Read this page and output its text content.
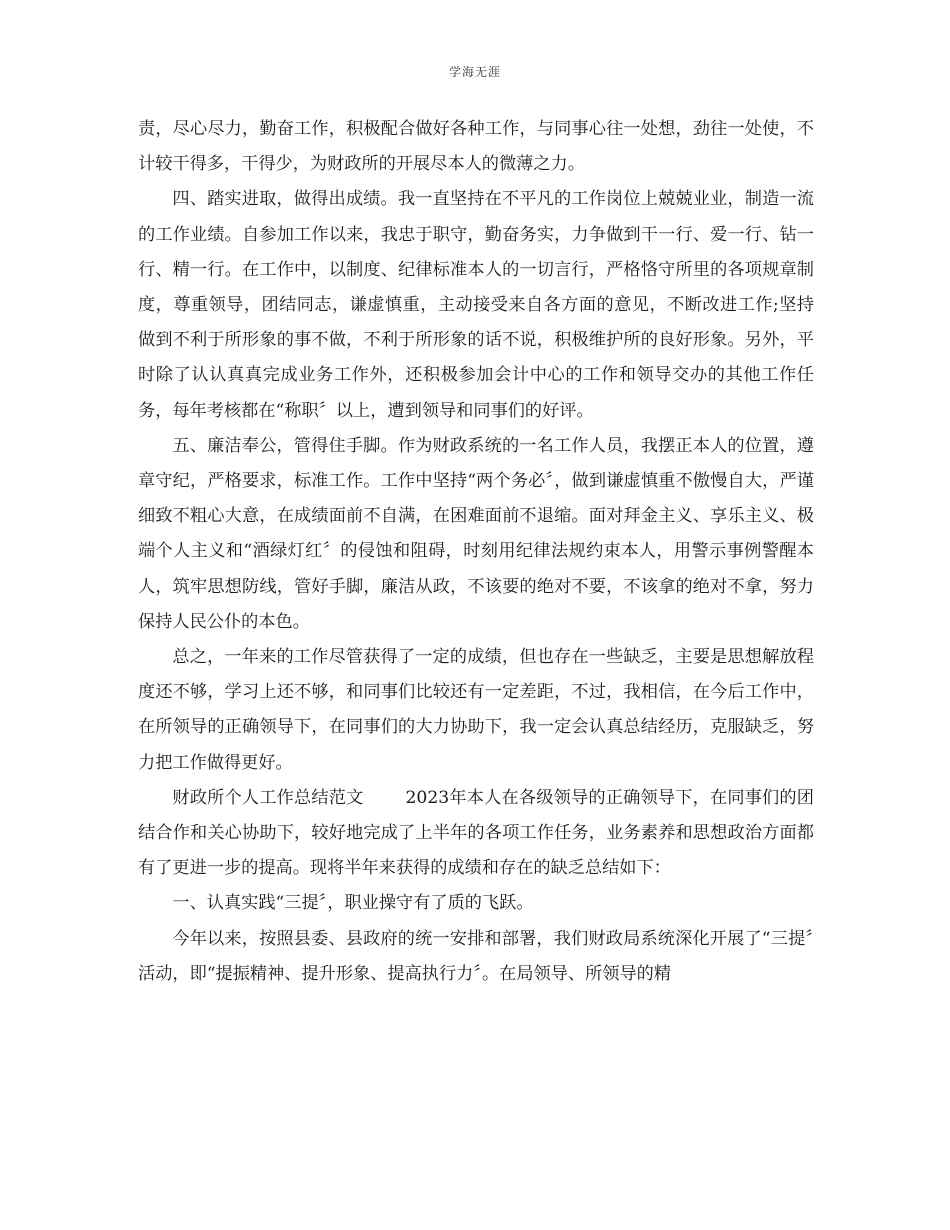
学海无涯

责，尽心尽力，勤奋工作，积极配合做好各种工作，与同事心往一处想，劲往一处使，不计较干得多，干得少，为财政所的开展尽本人的微薄之力。

四、踏实进取，做得出成绩。我一直坚持在不平凡的工作岗位上兢兢业业，制造一流的工作业绩。自参加工作以来，我忠于职守，勤奋务实，力争做到干一行、爱一行、钻一行、精一行。在工作中，以制度、纪律标准本人的一切言行，严格恪守所里的各项规章制度，尊重领导，团结同志，谦虚慎重，主动接受来自各方面的意见，不断改进工作;坚持做到不利于所形象的事不做，不利于所形象的话不说，积极维护所的良好形象。另外，平时除了认认真真完成业务工作外，还积极参加会计中心的工作和领导交办的其他工作任务，每年考核都在“称职〞以上，遭到领导和同事们的好评。

五、廉洁奉公，管得住手脚。作为财政系统的一名工作人员，我摆正本人的位置，遵章守纪，严格要求，标准工作。工作中坚持“两个务必〞，做到谦虚慎重不傲慢自大，严谨细致不粗心大意，在成绩面前不自满，在困难面前不退缩。面对拜金主义、享乐主义、极端个人主义和“酒绿灯红〞的侵蚀和阻碍，时刻用纪律法规约束本人，用警示事例警醒本人，筑牢思想防线，管好手脚，廉洁从政，不该要的绝对不要，不该拿的绝对不拿，努力保持人民公仆的本色。

总之，一年来的工作尽管获得了一定的成绩，但也存在一些缺乏，主要是思想解放程度还不够，学习上还不够，和同事们比较还有一定差距，不过，我相信，在今后工作中，在所领导的正确领导下，在同事们的大力协助下，我一定会认真总结经历，克服缺乏，努力把工作做得更好。

财政所个人工作总结范文 2023年本人在各级领导的正确领导下，在同事们的团结合作和关心协助下，较好地完成了上半年的各项工作任务，业务素养和思想政治方面都有了更进一步的提高。现将半年来获得的成绩和存在的缺乏总结如下：

一、认真实践“三提〞，职业操守有了质的飞跃。

今年以来，按照县委、县政府的统一安排和部署，我们财政局系统深化开展了“三提〞活动，即“提振精神、提升形象、提高执行力〞。在局领导、所领导的精
